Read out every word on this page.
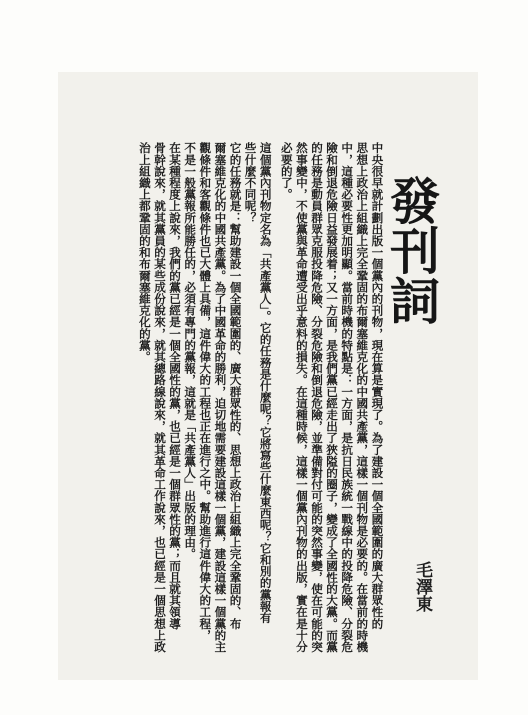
發刊詞
中央很早就計劃出版一個黨內的刊物，現在算是實現了。為了建設一個全國範圍的廣大群眾性的
思想上政治上組織上完全鞏固的布爾塞維克化的中國共產黨，這樣一個刊物是必要的。在當前的時機
中，這種必要性更加明顯。當前時機的特點是：一方面，是抗日民族統一戰線中的投降危險、分裂危
險和倒退危險日益發展着；又一方面，是我們黨已經走出了狹隘的圈子，變成了全國性的大黨。而黨
的任務是動員群眾克服投降危險、分裂危險和倒退危險，並準備對付可能的突然事變，使在可能的突
然事變中，不使黨與革命遭受出乎意料的損失。在這種時候，這樣一個黨內刊物的出版，實在是十分
必要的了。
這個黨內刊物定名為「共產黨人」。它的任務是什麼呢？它將寫些什麼東西呢？它和別的黨報有
些什麼不同呢？
它的任務就是：幫助建設一個全國範圍的、廣大群眾性的、思想上政治上組織上完全鞏固的、布
爾塞維克化的中國共產黨。為了中國革命的勝利，迫切地需要建設這樣一個黨，建設這樣一個黨的主
觀條件和客觀條件也已大體上具備，這件偉大的工程也正在進行之中。幫助進行這件偉大的工程，
不是一般黨報所能勝任的，必須有專門的黨報，這就是「共產黨人」出版的理由。
在某種程度上說來，我們的黨已經是一個全國性的黨，也已經是一個群眾性的黨；而且就其領導
骨幹說來，就其黨員的某些成份說來，就其總路線說來，就其革命工作說來，也已經是一個思想上政
治上組織上都鞏固的和布爾塞維克化的黨。
毛澤東
